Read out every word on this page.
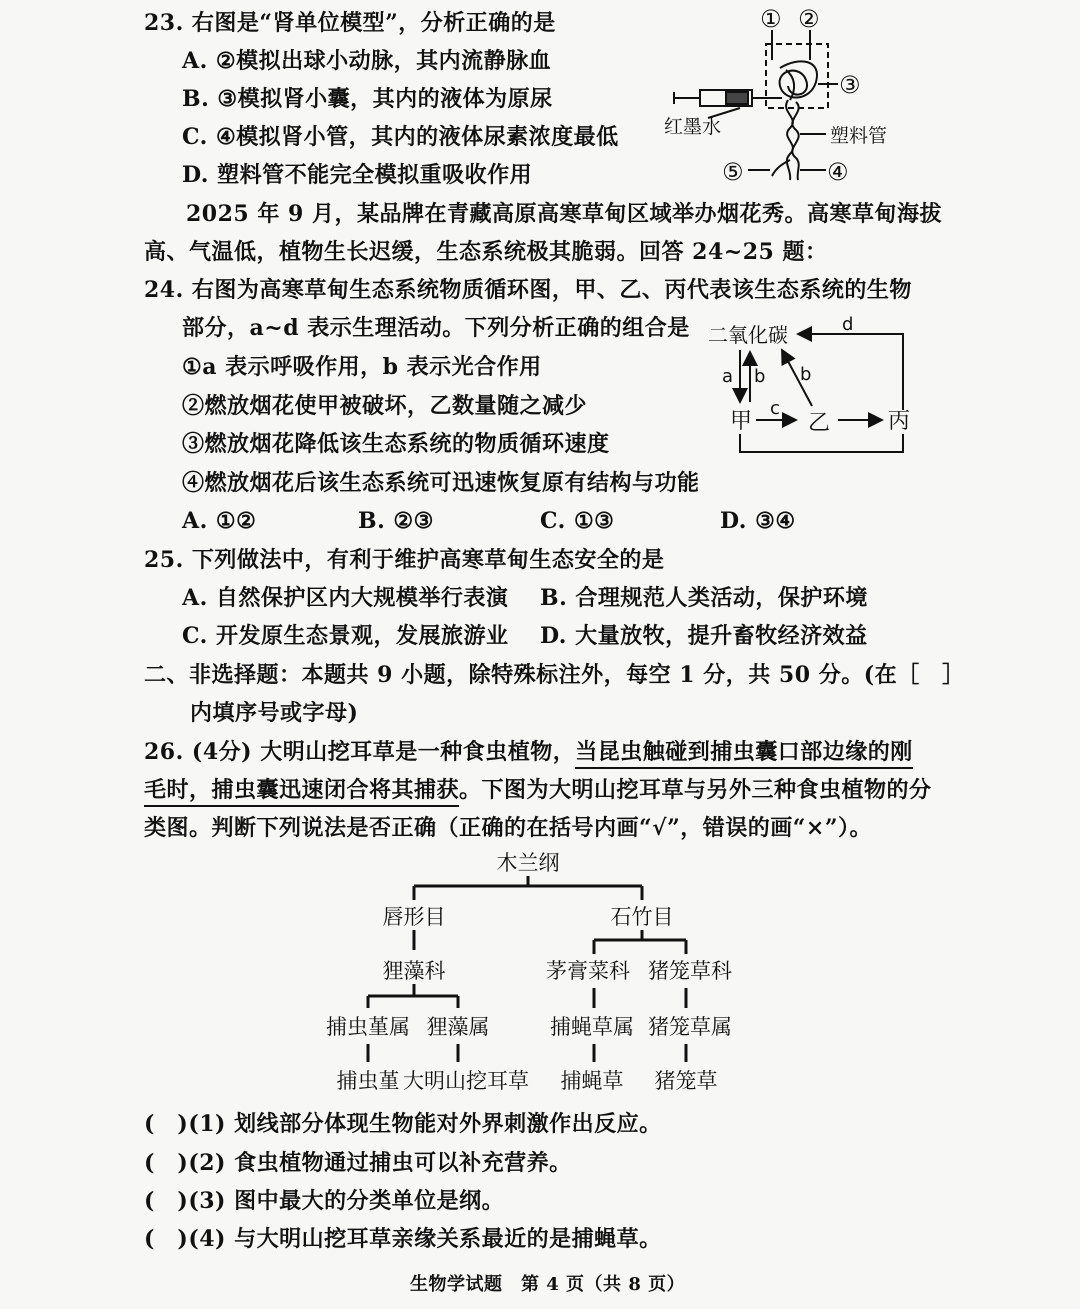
23. 右图是“肾单位模型”，分析正确的是
A. ②模拟出球小动脉，其内流静脉血
B. ③模拟肾小囊，其内的液体为原尿
C. ④模拟肾小管，其内的液体尿素浓度最低
D. 塑料管不能完全模拟重吸收作用
① ②
③
④
⑤
红墨水	塑料管
2025 年 9 月，某品牌在青藏高原高寒草甸区域举办烟花秀。高寒草甸海拔
高、气温低，植物生长迟缓，生态系统极其脆弱。回答 24~25 题：
24. 右图为高寒草甸生态系统物质循环图，甲、乙、丙代表该生态系统的生物
部分，a~d 表示生理活动。下列分析正确的组合是
①a 表示呼吸作用，b 表示光合作用
②燃放烟花使甲被破坏，乙数量随之减少
③燃放烟花降低该生态系统的物质循环速度
④燃放烟花后该生态系统可迅速恢复原有结构与功能
A. ①②	B. ②③	C. ①③	D. ③④
二氧化碳	d
a b b
c
甲	乙	丙
25. 下列做法中，有利于维护高寒草甸生态安全的是
A. 自然保护区内大规模举行表演 B. 合理规范人类活动，保护环境
C. 开发原生态景观，发展旅游业 D. 大量放牧，提升畜牧经济效益
二、非选择题：本题共 9 小题，除特殊标注外，每空 1 分，共 50 分。(在［　］
内填序号或字母)
26. (4分) 大明山挖耳草是一种食虫植物，当昆虫触碰到捕虫囊口部边缘的刚
毛时，捕虫囊迅速闭合将其捕获。下图为大明山挖耳草与另外三种食虫植物的分
类图。判断下列说法是否正确（正确的在括号内画“√”，错误的画“×”）。
木兰纲
唇形目	石竹目
狸藻科	茅膏菜科 猪笼草科
捕虫堇属 狸藻属	捕蝇草属 猪笼草属
捕虫堇 大明山挖耳草 捕蝇草 猪笼草
(　)(1) 划线部分体现生物能对外界刺激作出反应。
(　)(2) 食虫植物通过捕虫可以补充营养。
(　)(3) 图中最大的分类单位是纲。
(　)(4) 与大明山挖耳草亲缘关系最近的是捕蝇草。
生物学试题　第 4 页（共 8 页）
